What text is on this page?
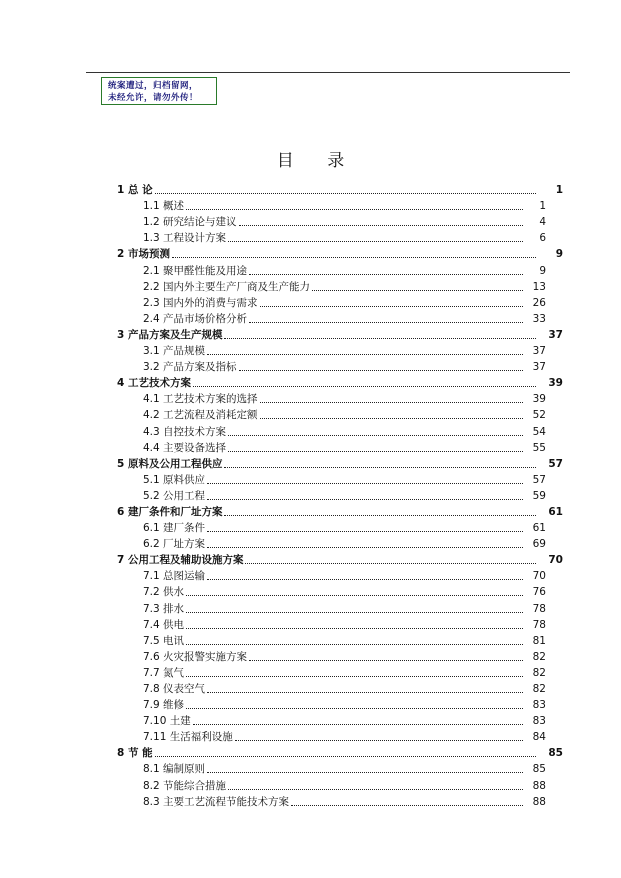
统案遭过，归档留网，
未经允许，请勿外传！
目 录
1 总 论	1
1.1 概述	1
1.2 研究结论与建议	4
1.3 工程设计方案	6
2 市场预测	9
2.1 聚甲醛性能及用途	9
2.2 国内外主要生产厂商及生产能力	13
2.3 国内外的消费与需求	26
2.4 产品市场价格分析	33
3 产品方案及生产规模	37
3.1 产品规模	37
3.2 产品方案及指标	37
4 工艺技术方案	39
4.1 工艺技术方案的选择	39
4.2 工艺流程及消耗定额	52
4.3 自控技术方案	54
4.4 主要设备选择	55
5 原料及公用工程供应	57
5.1 原料供应	57
5.2 公用工程	59
6 建厂条件和厂址方案	61
6.1 建厂条件	61
6.2 厂址方案	69
7 公用工程及辅助设施方案	70
7.1 总图运输	70
7.2 供水	76
7.3 排水	78
7.4 供电	78
7.5 电讯	81
7.6 火灾报警实施方案	82
7.7 氮气	82
7.8 仪表空气	82
7.9 维修	83
7.10 土建	83
7.11 生活福利设施	84
8 节 能	85
8.1 编制原则	85
8.2 节能综合措施	88
8.3 主要工艺流程节能技术方案	88
